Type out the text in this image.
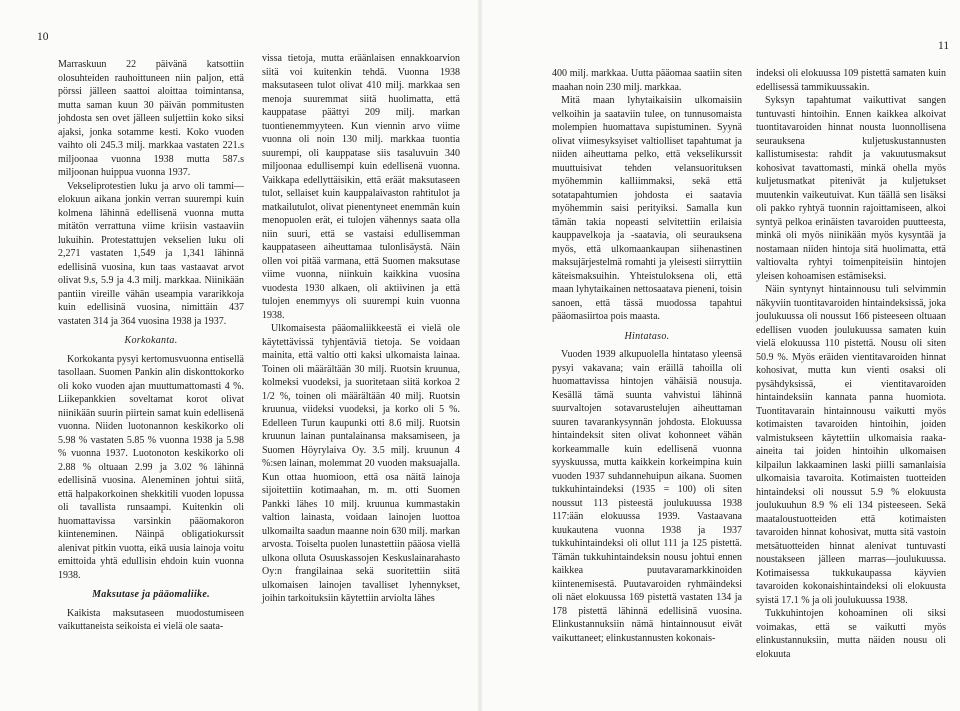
10

Marraskuun 22 päivänä katsottiin olosuhteiden rauhoittuneen niin paljon, että pörssi jälleen saattoi aloittaa toimintansa, mutta saman kuun 30 päivän pommitusten johdosta sen ovet jälleen suljettiin koko siksi ajaksi, jonka sotamme kesti. Koko vuoden vaihto oli 245.3 milj. markkaa vastaten 221.s miljoonaa vuonna 1938 mutta 587.s miljoonan huippua vuonna 1937.

Vekseliprotestien luku ja arvo oli tammi—elokuun aikana jonkin verran suurempi kuin kolmena lähinnä edellisenä vuonna mutta mitätön verrattuna viime kriisin vastaaviin lukuihin. Protestattujen vekselien luku oli 2,271 vastaten 1,549 ja 1,341 lähinnä edellisinä vuosina, kun taas vastaavat arvot olivat 9.s, 5.9 ja 4.3 milj. markkaa. Niinikään pantiin vireille vähän useampia vararikkoja kuin edellisinä vuosina, nimittäin 437 vastaten 314 ja 364 vuosina 1938 ja 1937.

Korkokanta.

Korkokanta pysyi kertomusvuonna entisellä tasollaan. Suomen Pankin alin diskonttokorko oli koko vuoden ajan muuttumattomasti 4 %. Liikepankkien soveltamat korot olivat niinikään suurin piirtein samat kuin edellisenä vuonna. Niiden luotonannon keskikorko oli 5.98 % vastaten 5.85 % vuonna 1938 ja 5.98 % vuonna 1937. Luotonoton keskikorko oli 2.88 % oltuaan 2.99 ja 3.02 % lähinnä edellisinä vuosina. Aleneminen johtui siitä, että halpakorkoinen shekkitili vuoden lopussa oli tavallista runsaampi. Kuitenkin oli huomattavissa varsinkin pääomakoron kiinteneminen. Näinpä obligatiokurssit alenivat pitkin vuotta, eikä uusia lainoja voitu emittoida yhtä edullisin ehdoin kuin vuonna 1938.

Maksutase ja pääomaliike.

Kaikista maksutaseen muodostumiseen vaikuttaneista seikoista ei vielä ole saata-

vissa tietoja, mutta eräänlaisen ennakkoarvion siitä voi kuitenkin tehdä. Vuonna 1938 maksutaseen tulot olivat 410 milj. markkaa sen menoja suuremmat siitä huolimatta, että kauppatase päättyi 209 milj. markan tuontienemmyyteen. Kun viennin arvo viime vuonna oli noin 130 milj. markkaa tuontia suurempi, oli kauppatase siis tasaluvuin 340 miljoonaa edullisempi kuin edellisenä vuonna. Vaikkapa edellyttäisikin, että eräät maksutaseen tulot, sellaiset kuin kauppalaivaston rahtitulot ja matkailutulot, olivat pienentyneet enemmän kuin menopuolen erät, ei tulojen vähennys saata olla niin suuri, että se vastaisi edullisemman kauppataseen aiheuttamaa tulonlisäystä. Näin ollen voi pitää varmana, että Suomen maksutase viime vuonna, niinkuin kaikkina vuosina vuodesta 1930 alkaen, oli aktiivinen ja että tulojen enemmyys oli suurempi kuin vuonna 1938.

Ulkomaisesta pääomaliikkeestä ei vielä ole käytettävissä tyhjentäviä tietoja. Se voidaan mainita, että valtio otti kaksi ulkomaista lainaa. Toinen oli määrältään 30 milj. Ruotsin kruunua, kolmeksi vuodeksi, ja suoritetaan siitä korkoa 2 1/2 %, toinen oli määrältään 40 milj. Ruotsin kruunua, viideksi vuodeksi, ja korko oli 5 %. Edelleen Turun kaupunki otti 8.6 milj. Ruotsin kruunun lainan puntalainansa maksamiseen, ja Suomen Höyrylaiva Oy. 3.5 milj. kruunun 4 %:sen lainan, molemmat 20 vuoden maksuajalla. Kun ottaa huomioon, että osa näitä lainoja sijoitettiin kotimaahan, m. m. otti Suomen Pankki lähes 10 milj. kruunua kummastakin valtion lainasta, voidaan lainojen luottoa ulkomailta saadun maanne noin 630 milj. markan arvosta. Toiselta puolen lunastettiin pääosa viellä ulkona olluta Osuuskassojen Keskuslainarahasto Oy:n frangilainaa sekä suoritettiin siitä ulkomaisen lainojen tavalliset lyhennykset, joihin tarkoituksiin käytettiin arviolta lähes

11

400 milj. markkaa. Uutta pääomaa saatiin siten maahan noin 230 milj. markkaa.

Mitä maan lyhytaikaisiin ulkomaisiin velkoihin ja saataviin tulee, on tunnusomaista molempien huomattava supistuminen. Syynä olivat viimesyksyiset valtiolliset tapahtumat ja niiden aiheuttama pelko, että vekselikurssit muuttuisivat tehden velansuorituksen myöhemmin kalliimmaksi, sekä että sotatapahtumien johdosta ei saatavia myöhemmin saisi perityiksi. Samalla kun tämän takia nopeasti selvitettiin erilaisia kauppavelkoja ja -saatavia, oli seurauksena myös, että ulkomaankaupan siihenastinen maksujärjestelmä romahti ja yleisesti siirryttiin käteismaksuihin. Yhteistuloksena oli, että maan lyhytaikainen nettosaatava pieneni, toisin sanoen, että tässä muodossa tapahtui pääomasiirtoa pois maasta.

Hintataso.

Vuoden 1939 alkupuolella hintataso yleensä pysyi vakavana; vain eräillä tahoilla oli huomattavissa hintojen vähäisiä nousuja. Kesällä tämä suunta vahvistui lähinnä suurvaltojen sotavarustelujen aiheuttaman suuren tavarankysynnän johdosta. Elokuussa hintaindeksit siten olivat kohonneet vähän korkeammalle kuin edellisenä vuonna syyskuussa, mutta kaikkein korkeimpina kuin vuoden 1937 suhdannehuipun aikana. Suomen tukkuhintaindeksi (1935 = 100) oli siten noussut 113 pisteestä joulukuussa 1938 117:ään elokuussa 1939. Vastaavana kuukautena vuonna 1938 ja 1937 tukkuhintaindeksi oli ollut 111 ja 125 pistettä. Tämän tukkuhintaindeksin nousu johtui ennen kaikkea puutavaramarkkinoiden kiintenemisestä. Puutavaroiden ryhmäindeksi oli näet elokuussa 169 pistettä vastaten 134 ja 178 pistettä lähinnä edellisinä vuosina. Elinkustannuksiin nämä hintainnousut eivät vaikuttaneet; elinkustannusten kokonais-

indeksi oli elokuussa 109 pistettä samaten kuin edellisessä tammikuussakin.

Syksyn tapahtumat vaikuttivat sangen tuntuvasti hintoihin. Ennen kaikkea alkoivat tuontitavaroiden hinnat nousta luonnollisena seurauksena kuljetuskustannusten kallistumisesta: rahdit ja vakuutusmaksut kohosivat tavattomasti, minkä ohella myös kuljetusmatkat pitenivät ja kuljetukset muutenkin vaikeutuivat. Kun täällä sen lisäksi oli pakko ryhtyä tuonnin rajoittamiseen, alkoi syntyä pelkoa erinäisten tavaroiden puutteesta, minkä oli myös niinikään myös kysyntää ja nostamaan niiden hintoja sitä huolimatta, että valtiovalta ryhtyi toimenpiteisiin hintojen yleisen kohoamisen estämiseksi.

Näin syntynyt hintainnousu tuli selvimmin näkyviin tuontitavaroiden hintaindeksissä, joka joulukuussa oli noussut 166 pisteeseen oltuaan edellisen vuoden joulukuussa samaten kuin vielä elokuussa 110 pistettä. Nousu oli siten 50.9 %. Myös eräiden vientitavaroiden hinnat kohosivat, mutta kun vienti osaksi oli pysähdyksissä, ei vientitavaroiden hintaindeksiin kannata panna huomiota. Tuontitavarain hintainnousu vaikutti myös kotimaisten tavaroiden hintoihin, joiden valmistukseen käytettiin ulkomaisia raaka-aineita tai joiden hintoihin ulkomaisen kilpailun lakkaaminen laski piilli samanlaisia ulkomaisia tavaroita. Kotimaisten tuotteiden hintaindeksi oli noussut 5.9 % elokuusta joulukuuhun 8.9 % eli 134 pisteeseen. Sekä maataloustuotteiden että kotimaisten tavaroiden hinnat kohosivat, mutta sitä vastoin metsätuotteiden hinnat alenivat tuntuvasti noustakseen jälleen marras—joulukuussa. Kotimaisessa tukkukaupassa käyvien tavaroiden kokonaishintaindeksi oli elokuusta syistä 17.1 % ja oli joulukuussa 1938.

Tukkuhintojen kohoaminen oli siksi voimakas, että se vaikutti myös elinkustannuksiin, mutta näiden nousu oli elokuuta
